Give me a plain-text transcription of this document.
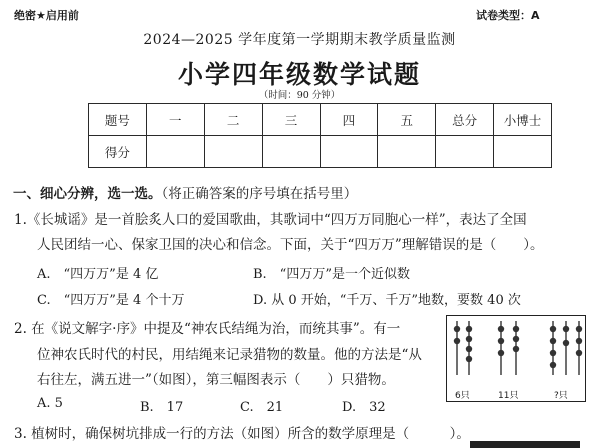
绝密★启用前	试卷类型：A
2024—2025 学年度第一学期期末教学质量监测
小学四年级数学试题
（时间：90 分钟）
题号	一	二	三	四	五	总分	小博士
得分							
一、细心分辨，选一选。（将正确答案的序号填在括号里）
1.《长城谣》是一首脍炙人口的爱国歌曲，其歌词中“四万万同胞心一样”，表达了全国
人民团结一心、保家卫国的决心和信念。下面，关于“四万万”理解错误的是（　　）。
A.　“四万万”是 4 亿	B.　“四万万”是一个近似数
C.　“四万万”是 4 个十万	D. 从 0 开始，“千万、千万”地数，要数 40 次
2. 在《说文解字·序》中提及“神农氏结绳为治，而统其事”。有一
位神农氏时代的村民，用结绳来记录猎物的数量。他的方法是“从
右往左，满五进一”（如图），第三幅图表示（　　）只猎物。
A. 5	B.　17	C.　21	D.　32
6只	11只	?只
3. 植树时，确保树坑排成一行的方法（如图）所含的数学原理是（　　　）。
